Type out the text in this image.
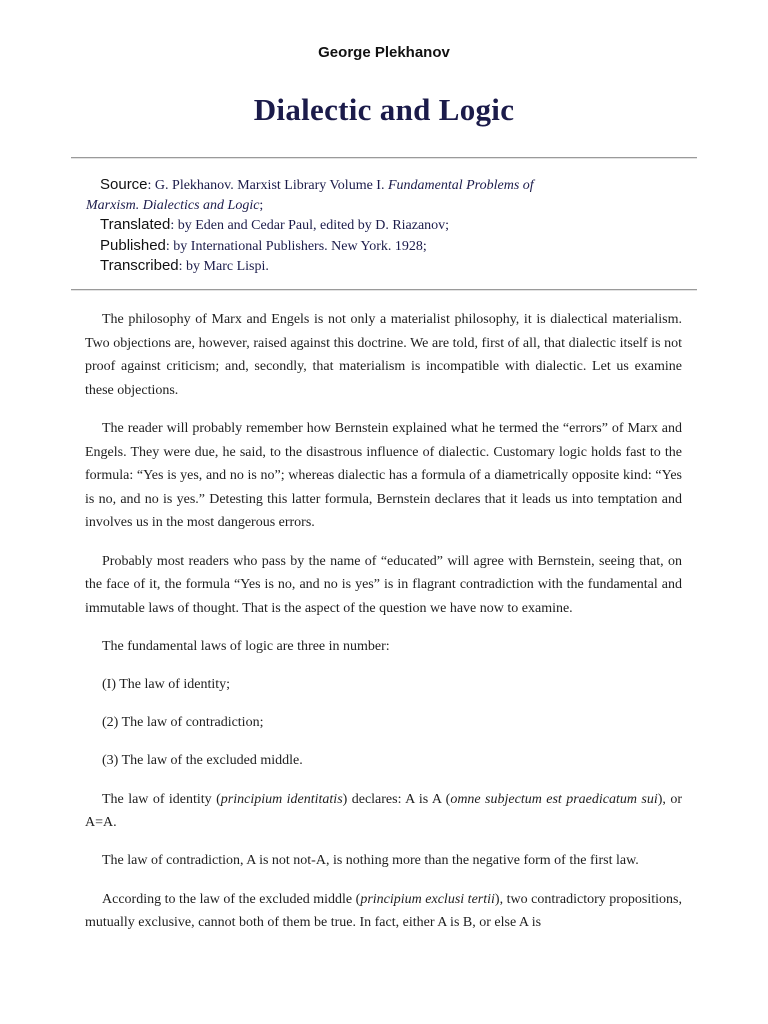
George Plekhanov
Dialectic and Logic
Source: G. Plekhanov. Marxist Library Volume I. Fundamental Problems of
Marxism. Dialectics and Logic;
Translated: by Eden and Cedar Paul, edited by D. Riazanov;
Published: by International Publishers. New York. 1928;
Transcribed: by Marc Lispi.

The philosophy of Marx and Engels is not only a materialist philosophy, it is dialectical materialism. Two objections are, however, raised against this doctrine. We are told, first of all, that dialectic itself is not proof against criticism; and, secondly, that materialism is incompatible with dialectic. Let us examine these objections.

The reader will probably remember how Bernstein explained what he termed the “errors” of Marx and Engels. They were due, he said, to the disastrous influence of dialectic. Customary logic holds fast to the formula: “Yes is yes, and no is no”; whereas dialectic has a formula of a diametrically opposite kind: “Yes is no, and no is yes.” Detesting this latter formula, Bernstein declares that it leads us into temptation and involves us in the most dangerous errors.

Probably most readers who pass by the name of “educated” will agree with Bernstein, seeing that, on the face of it, the formula “Yes is no, and no is yes” is in flagrant contradiction with the fundamental and immutable laws of thought. That is the aspect of the question we have now to examine.

The fundamental laws of logic are three in number:

(I) The law of identity;

(2) The law of contradiction;

(3) The law of the excluded middle.

The law of identity (principium identitatis) declares: A is A (omne subjectum est praedicatum sui), or A=A.

The law of contradiction, A is not not-A, is nothing more than the negative form of the first law.

According to the law of the excluded middle (principium exclusi tertii), two contradictory propositions, mutually exclusive, cannot both of them be true. In fact, either A is B, or else A is
